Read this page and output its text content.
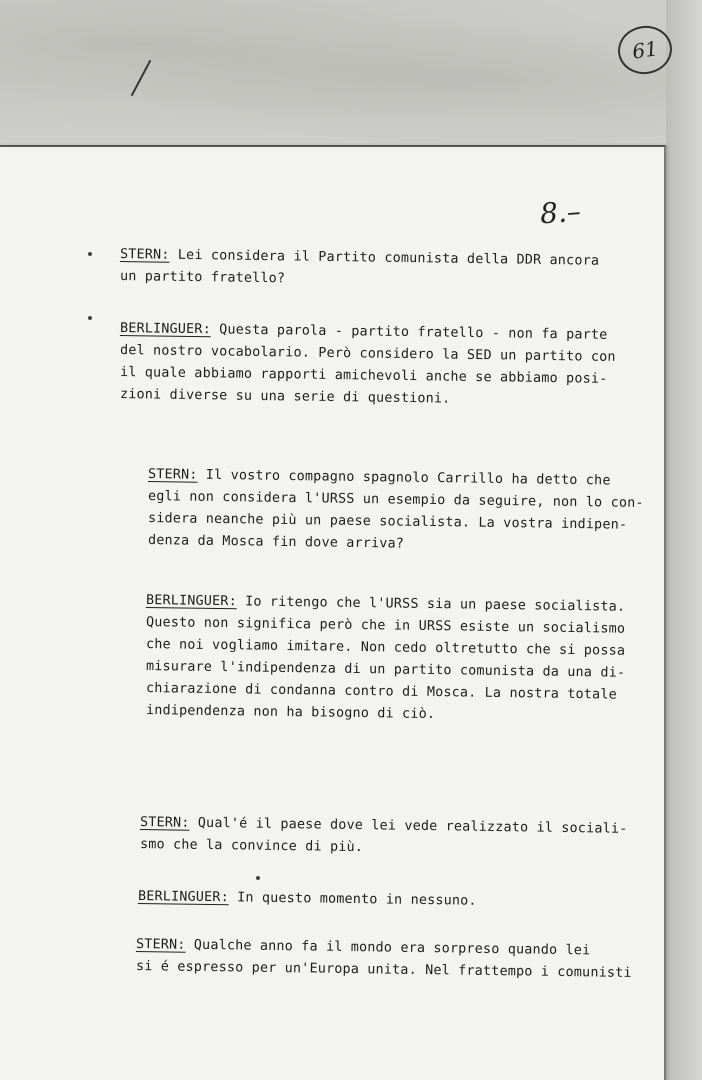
61
8.–
STERN: Lei considera il Partito comunista della DDR ancora
un partito fratello?
BERLINGUER: Questa parola - partito fratello - non fa parte
del nostro vocabolario. Però considero la SED un partito con
il quale abbiamo rapporti amichevoli anche se abbiamo posi-
zioni diverse su una serie di questioni.
STERN: Il vostro compagno spagnolo Carrillo ha detto che
egli non considera l'URSS un esempio da seguire, non lo con-
sidera neanche più un paese socialista. La vostra indipen-
denza da Mosca fin dove arriva?
BERLINGUER: Io ritengo che l'URSS sia un paese socialista.
Questo non significa però che in URSS esiste un socialismo
che noi vogliamo imitare. Non cedo oltretutto che si possa
misurare l'indipendenza di un partito comunista da una di-
chiarazione di condanna contro di Mosca. La nostra totale
indipendenza non ha bisogno di ciò.
STERN: Qual'é il paese dove lei vede realizzato il sociali-
smo che la convince di più.
BERLINGUER: In questo momento in nessuno.
STERN: Qualche anno fa il mondo era sorpreso quando lei
si é espresso per un'Europa unita. Nel frattempo i comunisti
